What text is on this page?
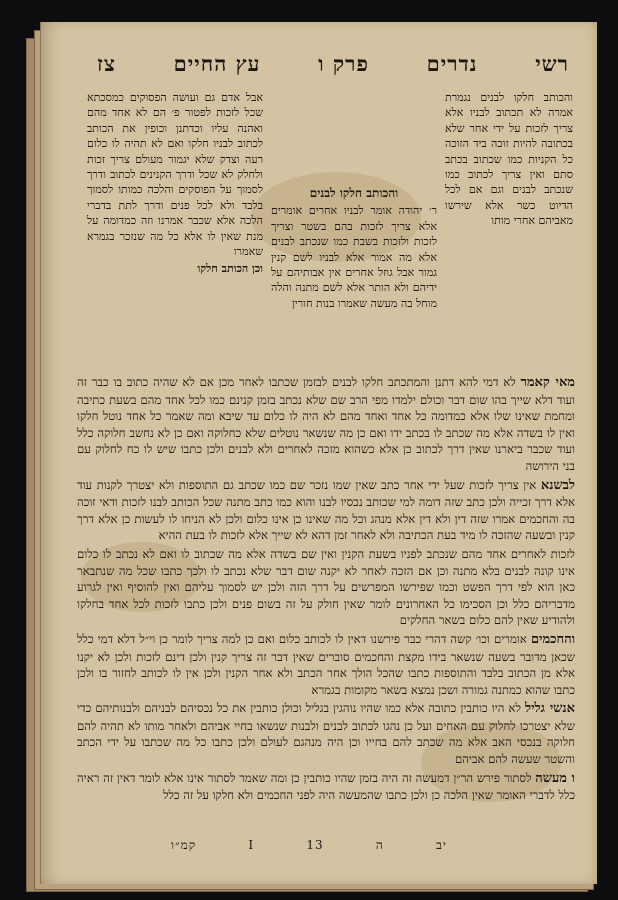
רשי
נדרים
פרק ו
עץ החיים
צז
והכותב חלקו לבנים נגמרת אמרה לא תכתוב לבניו אלא צריך לזכות על ידי אחר שלא בכתובה להיות זוכה ביד הזוכה כל הקניות כמו שכתוב בכתב סתם ואין צריך לכתוב כמו שנכתב לבנים וגם אם לכל הדיוט כשר אלא שירשו מאביהם אחרי מותו
והכותב חלקו לבנים
ר׳ יהודה אומר לבניו אחרים אומרים אלא צריך לזכות בהם בשטר וצריך לזכות ולזכות בשבת כמו שנכתב לבנים אלא מה אמור אלא לבניו לשם קנין גמור אבל גוזל אחרים אין אבותיהם על ידיהם ולא הותר אלא לשם מתנה והלה מוחל בה מעשה שאמרו בנות חורין
אבל אדם גם ועושה הפסוקים כמסכתא שכל לזכות לפטור פ׳ הם לא אחד מהם ואהנה עליו וכדתנן וכופין את הכותב לכתוב לבניו חלקו ואם לא תהיה לו כלום רעה וצדק שלא יגמור מעולם צריך זכות ולחלק לא שכל ודרך הקנינים לכתוב ודרך לסמוך על הפוסקים והלכה כמותו לסמוך בלבד ולא לכל פנים ודרך לתת בדברי הלכה אלא שכבר אמרנו וזה כמדומה על מנת שאין לו אלא כל מה שנזכר בגמרא שאמרו
וכן הכותב חלקו

מאי קאמר לא דמי להא דתנן והמתכתב חלקו לבנים לבזמן שכתבו לאחר מכן אם לא שהיה כתוב בו כבר זה ועוד דלא שייך בהו שום דבר וכולם ילמדו מפי הרב שם שלא נכתב בזמן קנינם כמו לכל אחד מהם בשעת כתיבה ומחמת שאינו שלו אלא כמדומה כל אחד ואחד מהם לא היה לו כלום עד שיבא ומה שאמר כל אחד נוטל חלקו ואין לו בשדה אלא מה שכתב לו בכתב ידו ואם כן מה שנשאר נוטלים שלא כחלוקה ואם כן לא נחשב חלוקה כלל ועוד שכבר ביארנו שאין דרך לכתוב כן אלא כשהוא מזכה לאחרים ולא לבנים ולכן כתבו שיש לו כח לחלוק עם בני הירושה

לבשנא אין צריך לזכות שעל ידי אחר כתב שאין שמו נזכר שם כמו שכתב גם התוספות ולא יצטרך לקנות עוד אלא דרך זכייה ולכן כתב שזה דומה למי שכותב נכסיו לבנו והוא כמו כתב מתנה שכל הכותב לבנו לזכות ודאי זוכה בה והחכמים אמרו שזה דין ולא דין אלא מנהג וכל מה שאינו כן אינו כלום ולכן לא הניחו לו לעשות כן אלא דרך קנין ובשעה שהזכה לו מיד בעת הכתיבה ולא לאחר זמן דהא לא שייך אלא לזכות לו בעת ההיא

לזכות לאחרים אחד מהם שנכתב לפניו בשעת הקנין ואין שם בשדה אלא מה שכתוב לו ואם לא נכתב לו כלום אינו קונה לבנים בלא מתנה וכן אם הזכה לאחר לא יקנה שום דבר שלא נכתב לו ולכך כתבו שכל מה שנתבאר כאן הוא לפי דרך הפשט וכמו שפירשו המפרשים על דרך הזה ולכן יש לסמוך עליהם ואין להוסיף ואין לגרוע מדבריהם כלל וכן הסכימו כל האחרונים לומר שאין חולק על זה בשום פנים ולכן כתבו לזכות לכל אחד בחלקו ולהודיע שאין להם כלום בשאר החלקים

והחכמים אומרים וכו׳ קשה דהרי כבר פירשנו דאין לו לכותב כלום ואם כן למה צריך לומר כן וי״ל דלא דמי כלל שכאן מדובר בשעה שנשאר בידו מקצת והחכמים סוברים שאין דבר זה צריך קנין ולכן דינם לזכות ולכן לא יקנו אלא מן הכתוב בלבד והתוספות כתבו שהכל הולך אחר הכתב ולא אחר הקנין ולכן אין לו לכותב לחזור בו ולכן כתבו שהוא כמתנה גמורה ושכן נמצא בשאר מקומות בגמרא

אנשי גליל לא היו כותבין כתובה אלא כמו שהיו נוהגין בגליל וכולן כותבין את כל נכסיהם לבניהם ולבנותיהם כדי שלא יצטרכו לחלוק עם האחים ועל כן נהגו לכתוב לבנים ולבנות שנשאו בחיי אביהם ולאחר מותו לא תהיה להם חלוקה בנכסי האב אלא מה שכתב להם בחייו וכן היה מנהגם לעולם ולכן כתבו כל מה שכתבו על ידי הכתב והשטר שעשה להם אביהם

ו מעשה לסתור פירש הר״ן דמעשה זה היה בזמן שהיו כותבין כן ומה שאמר לסתור אינו אלא לומר דאין זה ראיה כלל לדברי האומר שאין הלכה כן ולכן כתבו שהמעשה היה לפני החכמים ולא חלקו על זה כלל

יב
ה
13
I
קמ״ו
